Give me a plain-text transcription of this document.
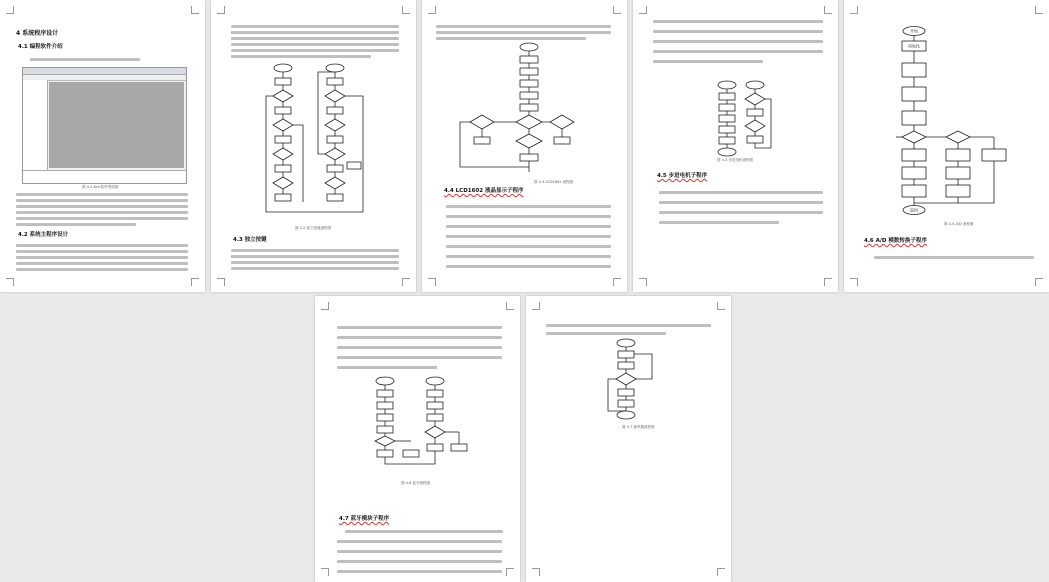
4 系统程序设计
4.1 编程软件介绍
图 4-1 Keil 软件界面图
4.2 系统主程序设计
图 4-2 独立按键流程图
4.3 独立按键
图 4-3 LCD1602 流程图
4.4 LCD1602 液晶显示子程序
图 4-4 步进电机流程图
4.5 步进电机子程序
开始
初始化
返回
图 4-5 A/D 流程图
4.6 A/D 模数转换子程序
图 4-6 蓝牙流程图
4.7 蓝牙模块子程序
图 4-7 蜂鸣器流程图
